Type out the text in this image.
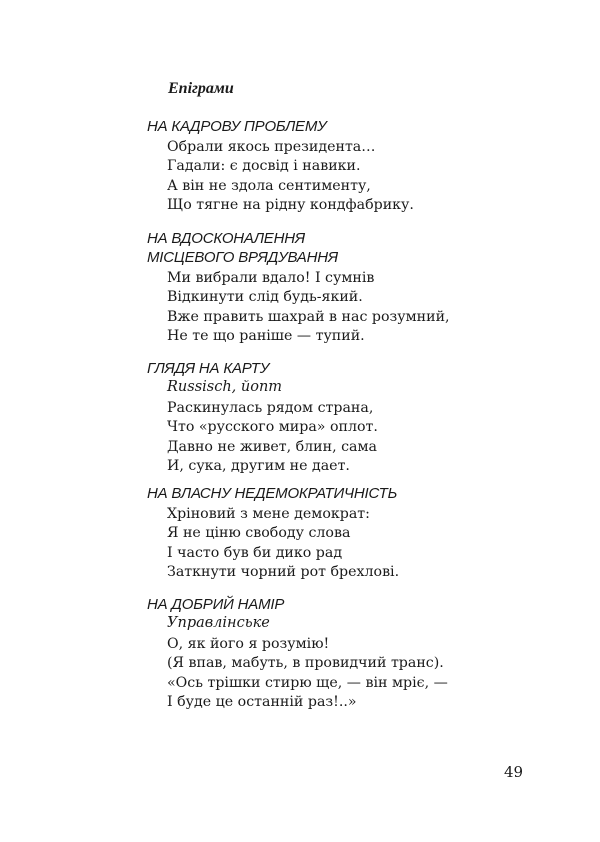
Епіграми
НА КАДРОВУ ПРОБЛЕМУ
Обрали якось президента…
Гадали: є досвід і навики.
А він не здола сентименту,
Що тягне на рідну кондфабрику.
НА ВДОСКОНАЛЕННЯ
МІСЦЕВОГО ВРЯДУВАННЯ
Ми вибрали вдало! І сумнів
Відкинути слід будь-який.
Вже править шахрай в нас розумний,
Не те що раніше — тупий.
ГЛЯДЯ НА КАРТУ
Russisch, йопт
Раскинулась рядом страна,
Что «русского мира» оплот.
Давно не живет, блин, сама
И, сука, другим не дает.
НА ВЛАСНУ НЕДЕМОКРАТИЧНІСТЬ
Хріновий з мене демократ:
Я не ціню свободу слова
І часто був би дико рад
Заткнути чорний рот брехлові.
НА ДОБРИЙ НАМІР
Управлінське
О, як його я розумію!
(Я впав, мабуть, в провидчий транс).
«Ось трішки стирю ще, — він мріє, —
І буде це останній раз!..»
49
